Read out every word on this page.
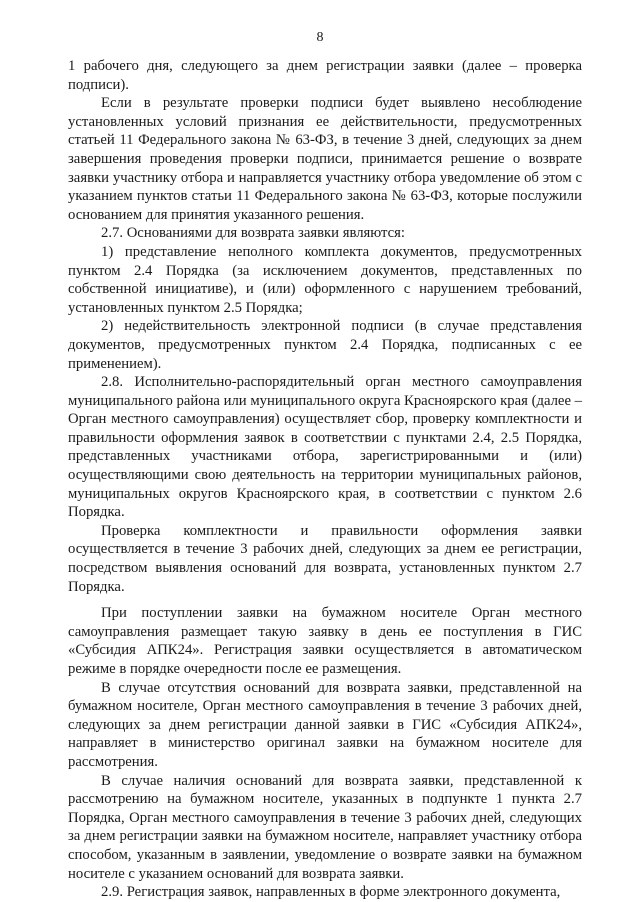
8

1 рабочего дня, следующего за днем регистрации заявки (далее – проверка подписи).

Если в результате проверки подписи будет выявлено несоблюдение установленных условий признания ее действительности, предусмотренных статьей 11 Федерального закона № 63-ФЗ, в течение 3 дней, следующих за днем завершения проведения проверки подписи, принимается решение о возврате заявки участнику отбора и направляется участнику отбора уведомление об этом с указанием пунктов статьи 11 Федерального закона № 63-ФЗ, которые послужили основанием для принятия указанного решения.

2.7. Основаниями для возврата заявки являются:

1) представление неполного комплекта документов, предусмотренных пунктом 2.4 Порядка (за исключением документов, представленных по собственной инициативе), и (или) оформленного с нарушением требований, установленных пунктом 2.5 Порядка;

2) недействительность электронной подписи (в случае представления документов, предусмотренных пунктом 2.4 Порядка, подписанных с ее применением).

2.8. Исполнительно-распорядительный орган местного самоуправления муниципального района или муниципального округа Красноярского края (далее – Орган местного самоуправления) осуществляет сбор, проверку комплектности и правильности оформления заявок в соответствии с пунктами 2.4, 2.5 Порядка, представленных участниками отбора, зарегистрированными и (или) осуществляющими свою деятельность на территории муниципальных районов, муниципальных округов Красноярского края, в соответствии с пунктом 2.6 Порядка.

Проверка комплектности и правильности оформления заявки осуществляется в течение 3 рабочих дней, следующих за днем ее регистрации, посредством выявления оснований для возврата, установленных пунктом 2.7 Порядка.

При поступлении заявки на бумажном носителе Орган местного самоуправления размещает такую заявку в день ее поступления в ГИС «Субсидия АПК24». Регистрация заявки осуществляется в автоматическом режиме в порядке очередности после ее размещения.

В случае отсутствия оснований для возврата заявки, представленной на бумажном носителе, Орган местного самоуправления в течение 3 рабочих дней, следующих за днем регистрации данной заявки в ГИС «Субсидия АПК24», направляет в министерство оригинал заявки на бумажном носителе для рассмотрения.

В случае наличия оснований для возврата заявки, представленной к рассмотрению на бумажном носителе, указанных в подпункте 1 пункта 2.7 Порядка, Орган местного самоуправления в течение 3 рабочих дней, следующих за днем регистрации заявки на бумажном носителе, направляет участнику отбора способом, указанным в заявлении, уведомление о возврате заявки на бумажном носителе с указанием оснований для возврата заявки.

2.9. Регистрация заявок, направленных в форме электронного документа,
